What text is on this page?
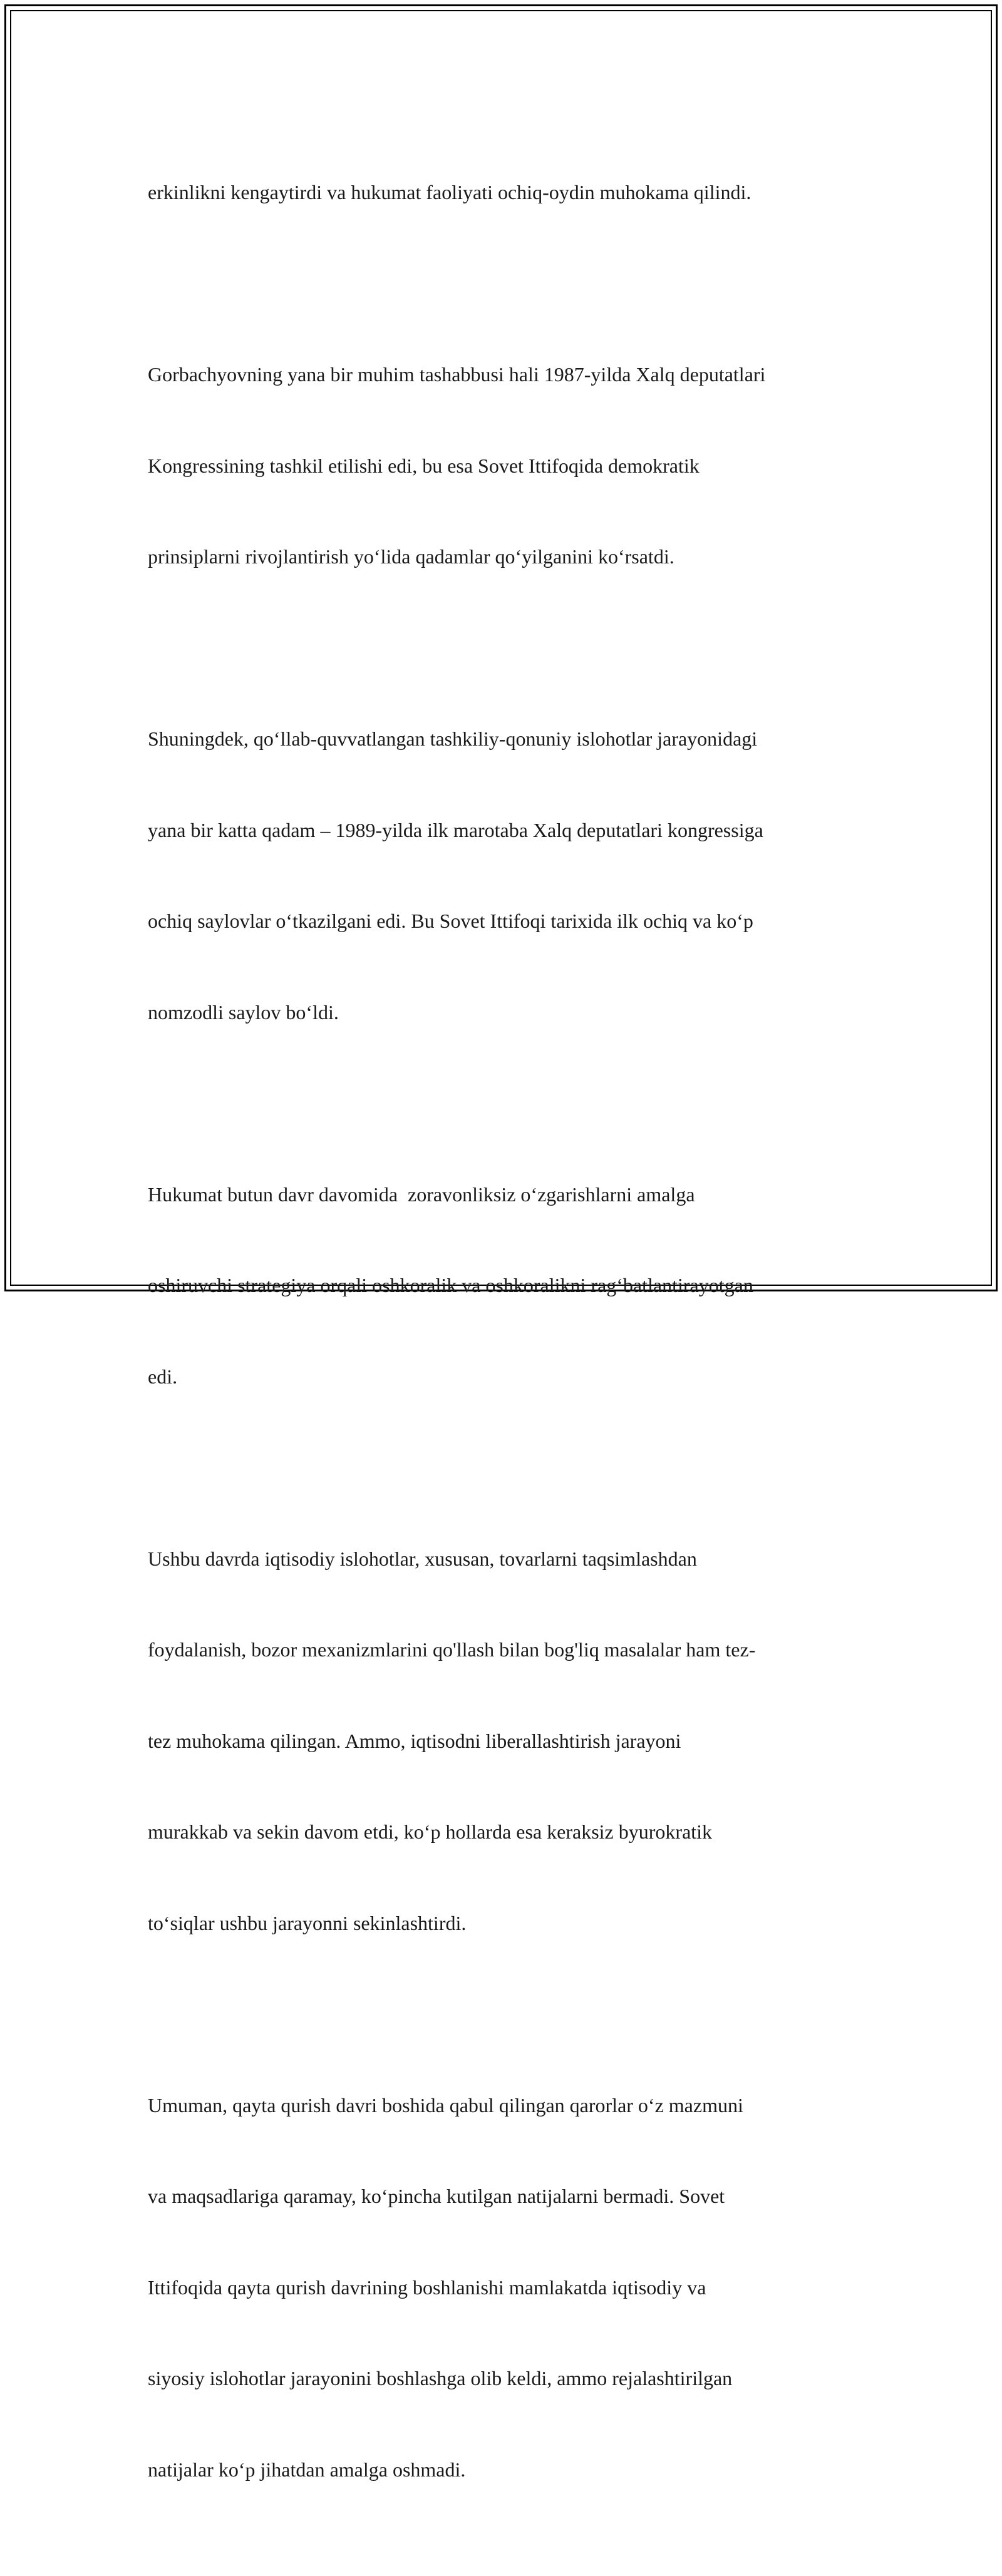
erkinlikni kengaytirdi va hukumat faoliyati ochiq-oydin muhokama qilindi.

Gorbachyovning yana bir muhim tashabbusi hali 1987-yilda Xalq deputatlari

Kongressining tashkil etilishi edi, bu esa Sovet Ittifoqida demokratik

prinsiplarni rivojlantirish yo‘lida qadamlar qo‘yilganini ko‘rsatdi.

Shuningdek, qo‘llab-quvvatlangan tashkiliy-qonuniy islohotlar jarayonidagi

yana bir katta qadam – 1989-yilda ilk marotaba Xalq deputatlari kongressiga

ochiq saylovlar o‘tkazilgani edi. Bu Sovet Ittifoqi tarixida ilk ochiq va ko‘p

nomzodli saylov bo‘ldi.

Hukumat butun davr davomida  zoravonliksiz o‘zgarishlarni amalga

oshiruvchi strategiya orqali oshkoralik va oshkoralikni rag‘batlantirayotgan

edi.

Ushbu davrda iqtisodiy islohotlar, xususan, tovarlarni taqsimlashdan

foydalanish, bozor mexanizmlarini qo'llash bilan bog'liq masalalar ham tez-

tez muhokama qilingan. Ammo, iqtisodni liberallashtirish jarayoni

murakkab va sekin davom etdi, ko‘p hollarda esa keraksiz byurokratik

to‘siqlar ushbu jarayonni sekinlashtirdi.

Umuman, qayta qurish davri boshida qabul qilingan qarorlar o‘z mazmuni

va maqsadlariga qaramay, ko‘pincha kutilgan natijalarni bermadi. Sovet

Ittifoqida qayta qurish davrining boshlanishi mamlakatda iqtisodiy va

siyosiy islohotlar jarayonini boshlashga olib keldi, ammo rejalashtirilgan

natijalar ko‘p jihatdan amalga oshmadi.
